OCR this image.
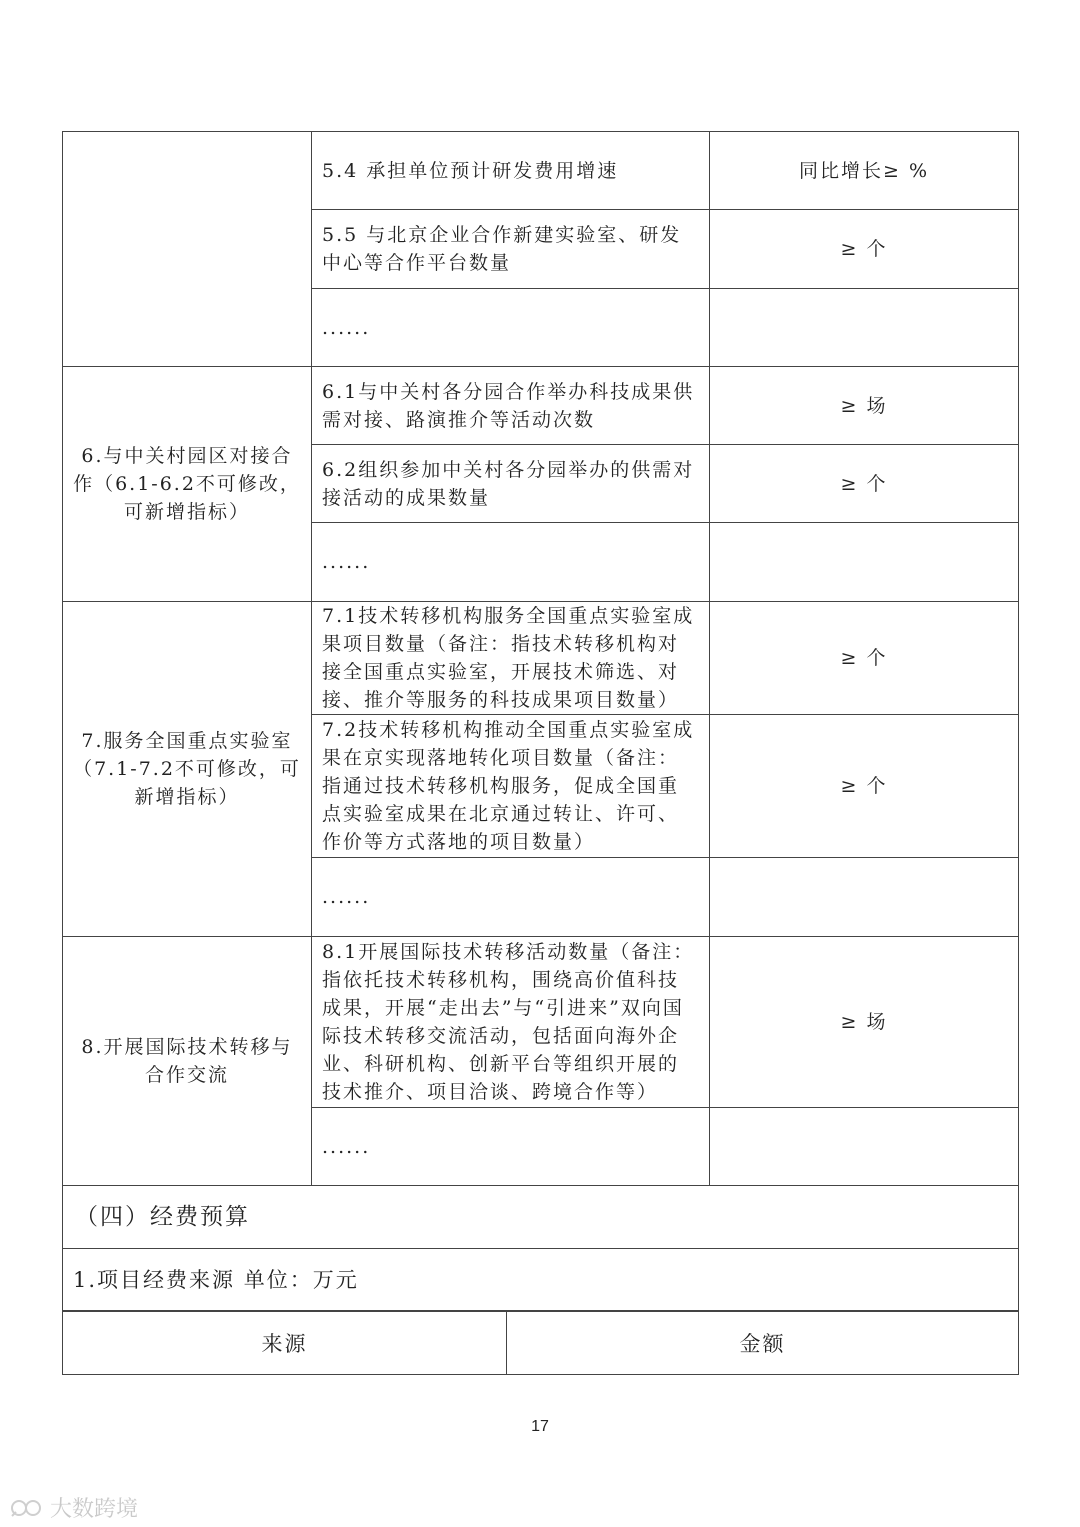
	5.4 承担单位预计研发费用增速	同比增长≥ %
	5.5 与北京企业合作新建实验室、研发中心等合作平台数量	≥ 个
	......	
6.与中关村园区对接合作（6.1-6.2不可修改，可新增指标）	6.1与中关村各分园合作举办科技成果供需对接、路演推介等活动次数	≥ 场
	6.2组织参加中关村各分园举办的供需对接活动的成果数量	≥ 个
	......	
7.服务全国重点实验室（7.1-7.2不可修改，可新增指标）	7.1技术转移机构服务全国重点实验室成果项目数量（备注：指技术转移机构对接全国重点实验室，开展技术筛选、对接、推介等服务的科技成果项目数量）	≥ 个
	7.2技术转移机构推动全国重点实验室成果在京实现落地转化项目数量（备注：指通过技术转移机构服务，促成全国重点实验室成果在北京通过转让、许可、作价等方式落地的项目数量）	≥ 个
	......	
8.开展国际技术转移与合作交流	8.1开展国际技术转移活动数量（备注：指依托技术转移机构，围绕高价值科技成果，开展“走出去”与“引进来”双向国际技术转移交流活动，包括面向海外企业、科研机构、创新平台等组织开展的技术推介、项目洽谈、跨境合作等）	≥ 场
	......	
（四）经费预算		
1.项目经费来源 单位：万元		
来源	金额
17
大数跨境
